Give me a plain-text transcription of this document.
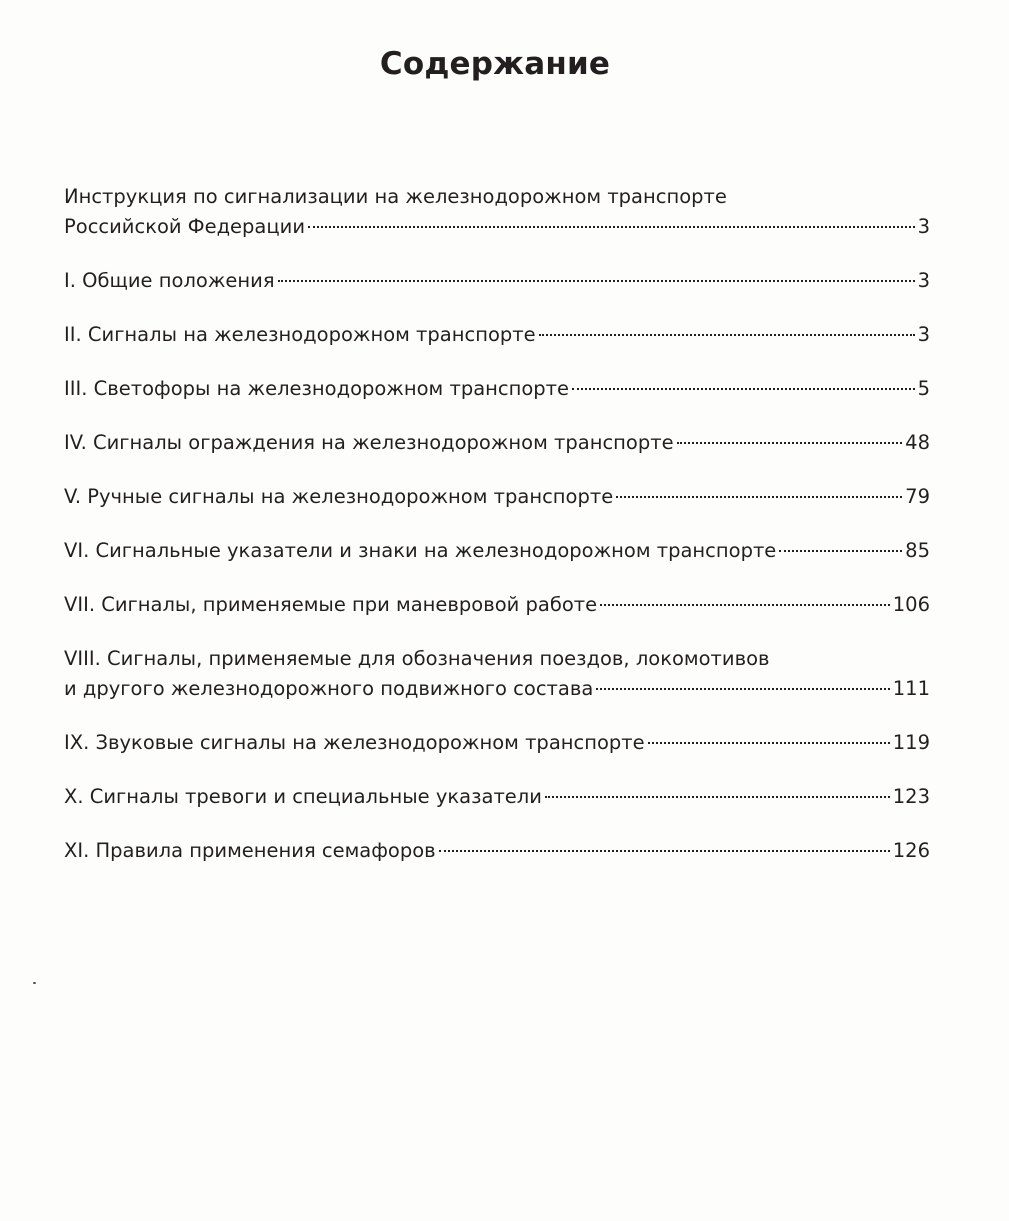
Содержание
Инструкция по сигнализации на железнодорожном транспорте
Российской Федерации	3
I. Общие положения	3
II. Сигналы на железнодорожном транспорте	3
III. Светофоры на железнодорожном транспорте	5
IV. Сигналы ограждения на железнодорожном транспорте	48
V. Ручные сигналы на железнодорожном транспорте	79
VI. Сигнальные указатели и знаки на железнодорожном транспорте	85
VII. Сигналы, применяемые при маневровой работе	106
VIII. Сигналы, применяемые для обозначения поездов, локомотивов
и другого железнодорожного подвижного состава	111
IX. Звуковые сигналы на железнодорожном транспорте	119
X. Сигналы тревоги и специальные указатели	123
XI. Правила применения семафоров	126
